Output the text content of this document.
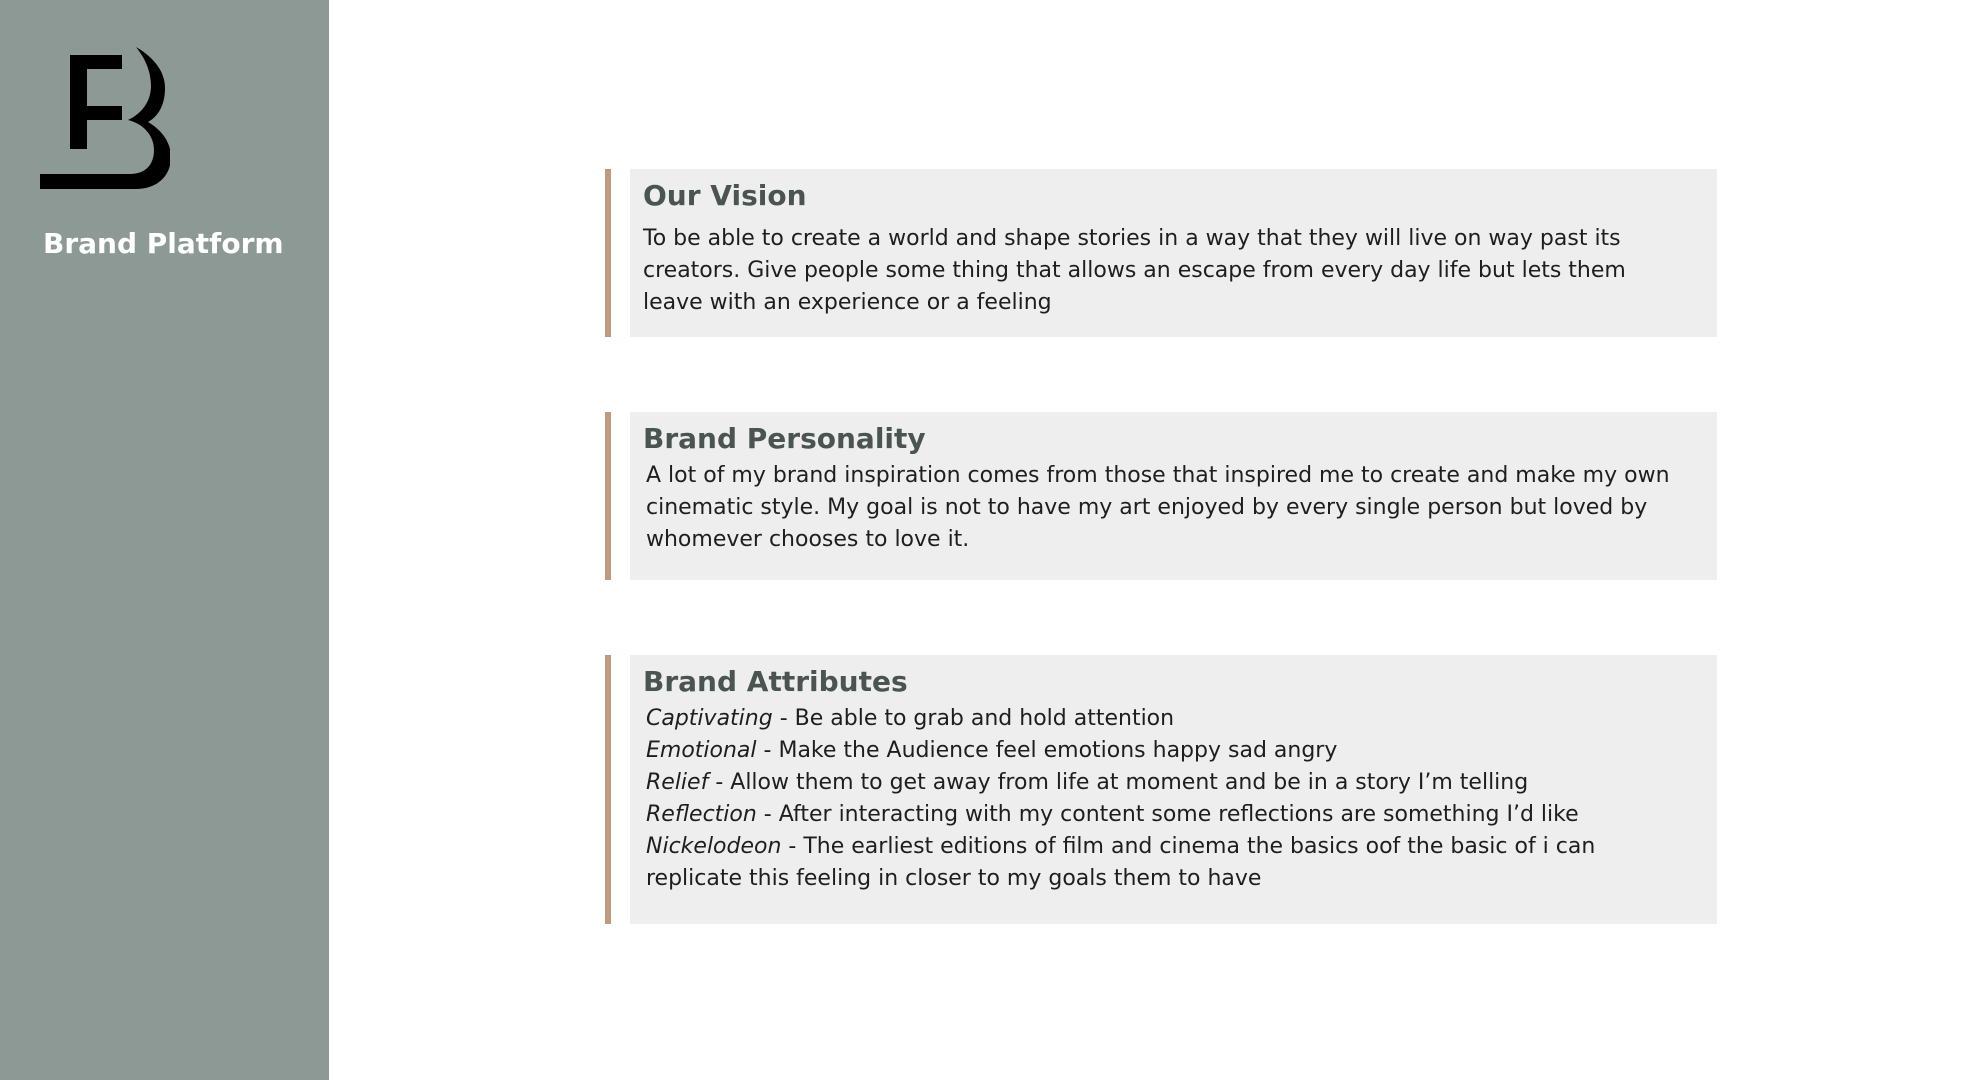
Brand Platform
Our Vision
To be able to create a world and shape stories in a way that they will live on way past its creators. Give people some thing that allows an escape from every day life but lets them leave with an experience or a feeling
Brand Personality
A lot of my brand inspiration comes from those that inspired me to create and make my own cinematic style. My goal is not to have my art enjoyed by every single person but loved by whomever chooses to love it.
Brand Attributes
Captivating - Be able to grab and hold attention
Emotional - Make the Audience feel emotions happy sad angry
Relief - Allow them to get away from life at moment and be in a story I’m telling
Reflection - After interacting with my content some reflections are something I’d like
Nickelodeon - The earliest editions of film and cinema the basics oof the basic of i can replicate this feeling in closer to my goals them to have
